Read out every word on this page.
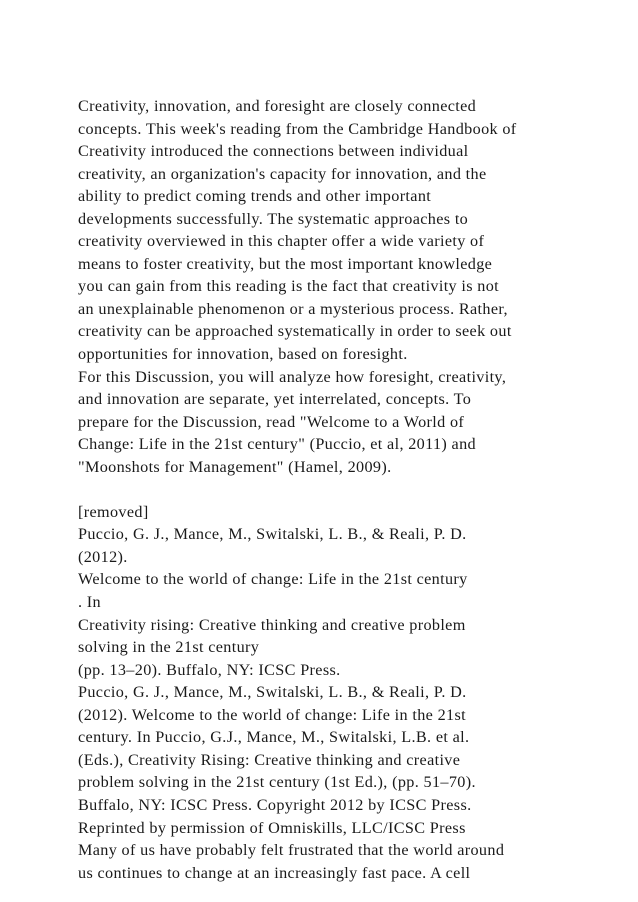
Creativity, innovation, and foresight are closely connected
concepts. This week's reading from the Cambridge Handbook of
Creativity introduced the connections between individual
creativity, an organization's capacity for innovation, and the
ability to predict coming trends and other important
developments successfully. The systematic approaches to
creativity overviewed in this chapter offer a wide variety of
means to foster creativity, but the most important knowledge
you can gain from this reading is the fact that creativity is not
an unexplainable phenomenon or a mysterious process. Rather,
creativity can be approached systematically in order to seek out
opportunities for innovation, based on foresight.
For this Discussion, you will analyze how foresight, creativity,
and innovation are separate, yet interrelated, concepts. To
prepare for the Discussion, read "Welcome to a World of
Change: Life in the 21st century" (Puccio, et al, 2011) and
"Moonshots for Management" (Hamel, 2009).
[removed]
Puccio, G. J., Mance, M., Switalski, L. B., & Reali, P. D.
(2012).
Welcome to the world of change: Life in the 21st century
. In
Creativity rising: Creative thinking and creative problem
solving in the 21st century
(pp. 13–20). Buffalo, NY: ICSC Press.
Puccio, G. J., Mance, M., Switalski, L. B., & Reali, P. D.
(2012). Welcome to the world of change: Life in the 21st
century. In Puccio, G.J., Mance, M., Switalski, L.B. et al.
(Eds.), Creativity Rising: Creative thinking and creative
problem solving in the 21st century (1st Ed.), (pp. 51–70).
Buffalo, NY: ICSC Press. Copyright 2012 by ICSC Press.
Reprinted by permission of Omniskills, LLC/ICSC Press
Many of us have probably felt frustrated that the world around
us continues to change at an increasingly fast pace. A cell
